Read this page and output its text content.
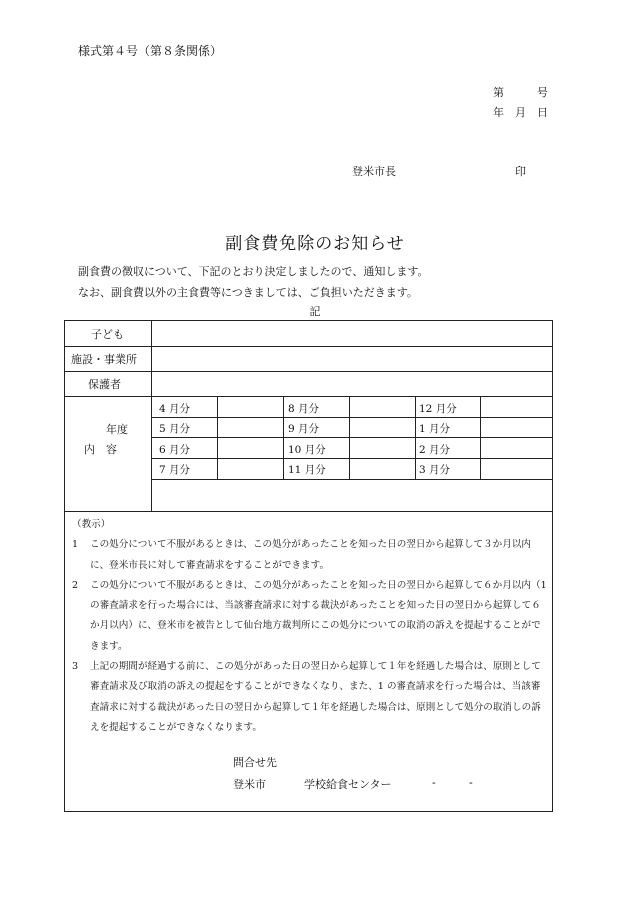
様式第４号（第８条関係）
第　　　号
年　月　日
登米市長	印
副食費免除のお知らせ
副食費の徴収について、下記のとおり決定しましたので、通知します。
なお、副食費以外の主食費等につきましては、ご負担いただきます。
記
子ども
施設・事業所
保護者
年度
内　容
4 月分	8 月分	12 月分
5 月分	9 月分	1 月分
6 月分	10 月分	2 月分
7 月分	11 月分	3 月分
（教示）
1 この処分について不服があるときは、この処分があったことを知った日の翌日から起算して３か月以内に、登米市長に対して審査請求をすることができます。
2 この処分について不服があるときは、この処分があったことを知った日の翌日から起算して６か月以内（1 の審査請求を行った場合には、当該審査請求に対する裁決があったことを知った日の翌日から起算して６か月以内）に、登米市を被告として仙台地方裁判所にこの処分についての取消の訴えを提起することができます。
3 上記の期間が経過する前に、この処分があった日の翌日から起算して１年を経過した場合は、原則として審査請求及び取消の訴えの提起をすることができなくなり、また、1 の審査請求を行った場合は、当該審査請求に対する裁決があった日の翌日から起算して１年を経過した場合は、原則として処分の取消しの訴えを提起することができなくなります。
問合せ先
登米市	学校給食センター	-	-
